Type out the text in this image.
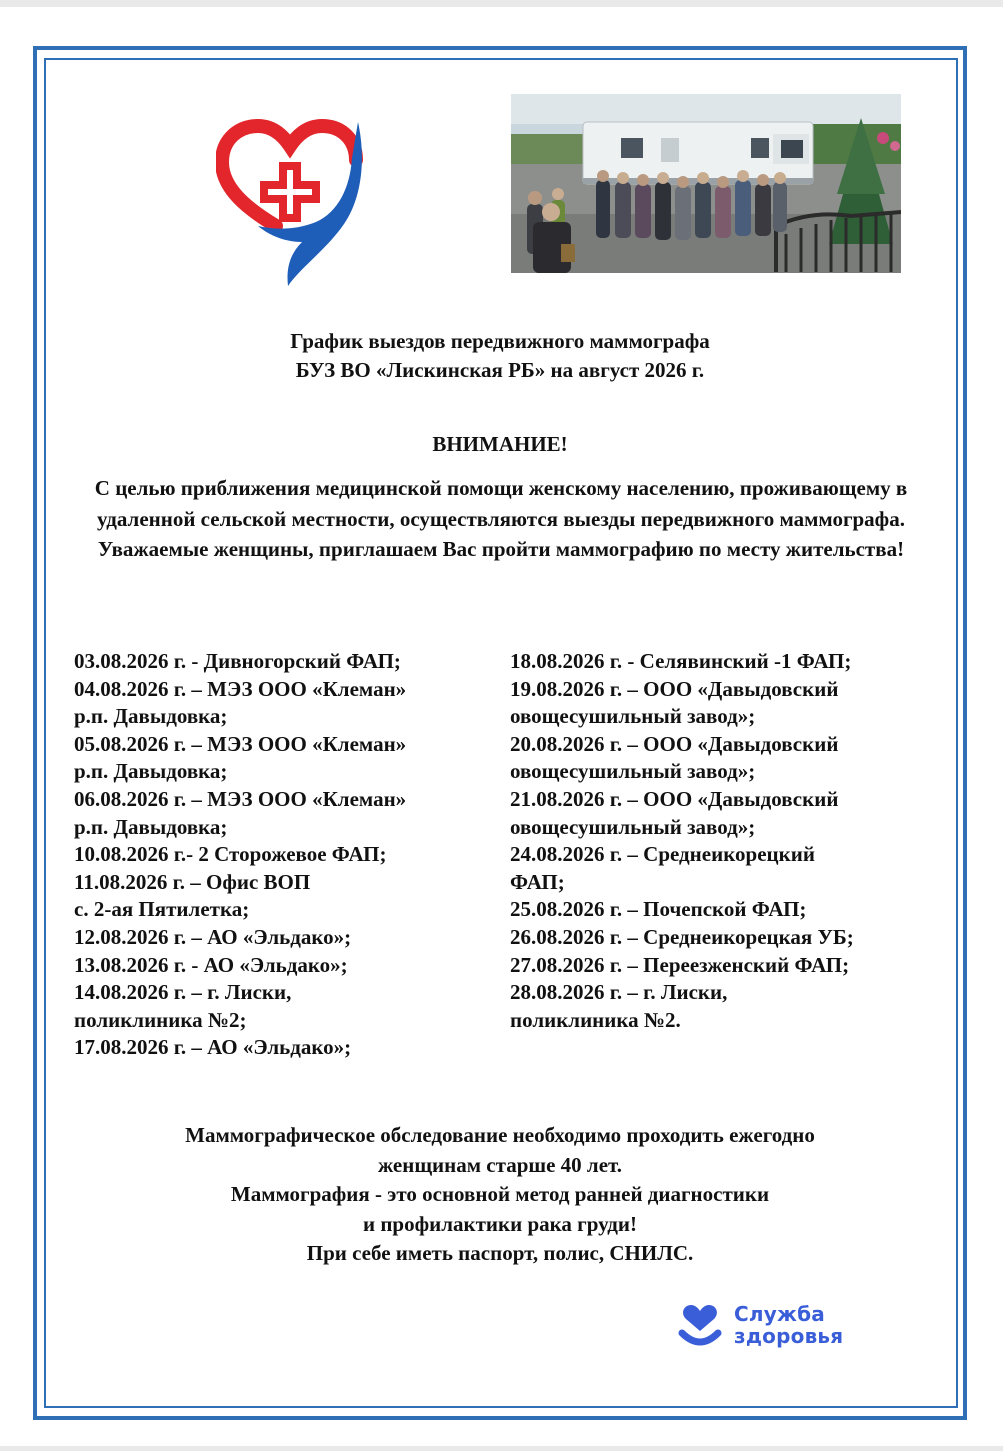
График выездов передвижного маммографа
БУЗ ВО «Лискинская РБ» на август 2026 г.
ВНИМАНИЕ!
С целью приближения медицинской помощи женскому населению, проживающему в удаленной сельской местности, осуществляются выезды передвижного маммографа. Уважаемые женщины, приглашаем Вас пройти маммографию по месту жительства!
03.08.2026 г. - Дивногорский ФАП;
04.08.2026 г. – МЭЗ ООО «Клеман»
р.п. Давыдовка;
05.08.2026 г. – МЭЗ ООО «Клеман»
р.п. Давыдовка;
06.08.2026 г. – МЭЗ ООО «Клеман»
р.п. Давыдовка;
10.08.2026 г.- 2 Сторожевое ФАП;
11.08.2026 г. – Офис ВОП
с. 2-ая Пятилетка;
12.08.2026 г. – АО «Эльдако»;
13.08.2026 г. - АО «Эльдако»;
14.08.2026 г. – г. Лиски,
поликлиника №2;
17.08.2026 г. – АО «Эльдако»;
18.08.2026 г. - Селявинский -1 ФАП;
19.08.2026 г. – ООО «Давыдовский
овощесушильный завод»;
20.08.2026 г. – ООО «Давыдовский
овощесушильный завод»;
21.08.2026 г. – ООО «Давыдовский
овощесушильный завод»;
24.08.2026 г. – Среднеикорецкий
ФАП;
25.08.2026 г. – Почепской ФАП;
26.08.2026 г. – Среднеикорецкая УБ;
27.08.2026 г. – Переезженский ФАП;
28.08.2026 г. – г. Лиски,
поликлиника №2.
Маммографическое обследование необходимо проходить ежегодно
женщинам старше 40 лет.
Маммография - это основной метод ранней диагностики
и профилактики рака груди!
При себе иметь паспорт, полис, СНИЛС.
Служба
здоровья
